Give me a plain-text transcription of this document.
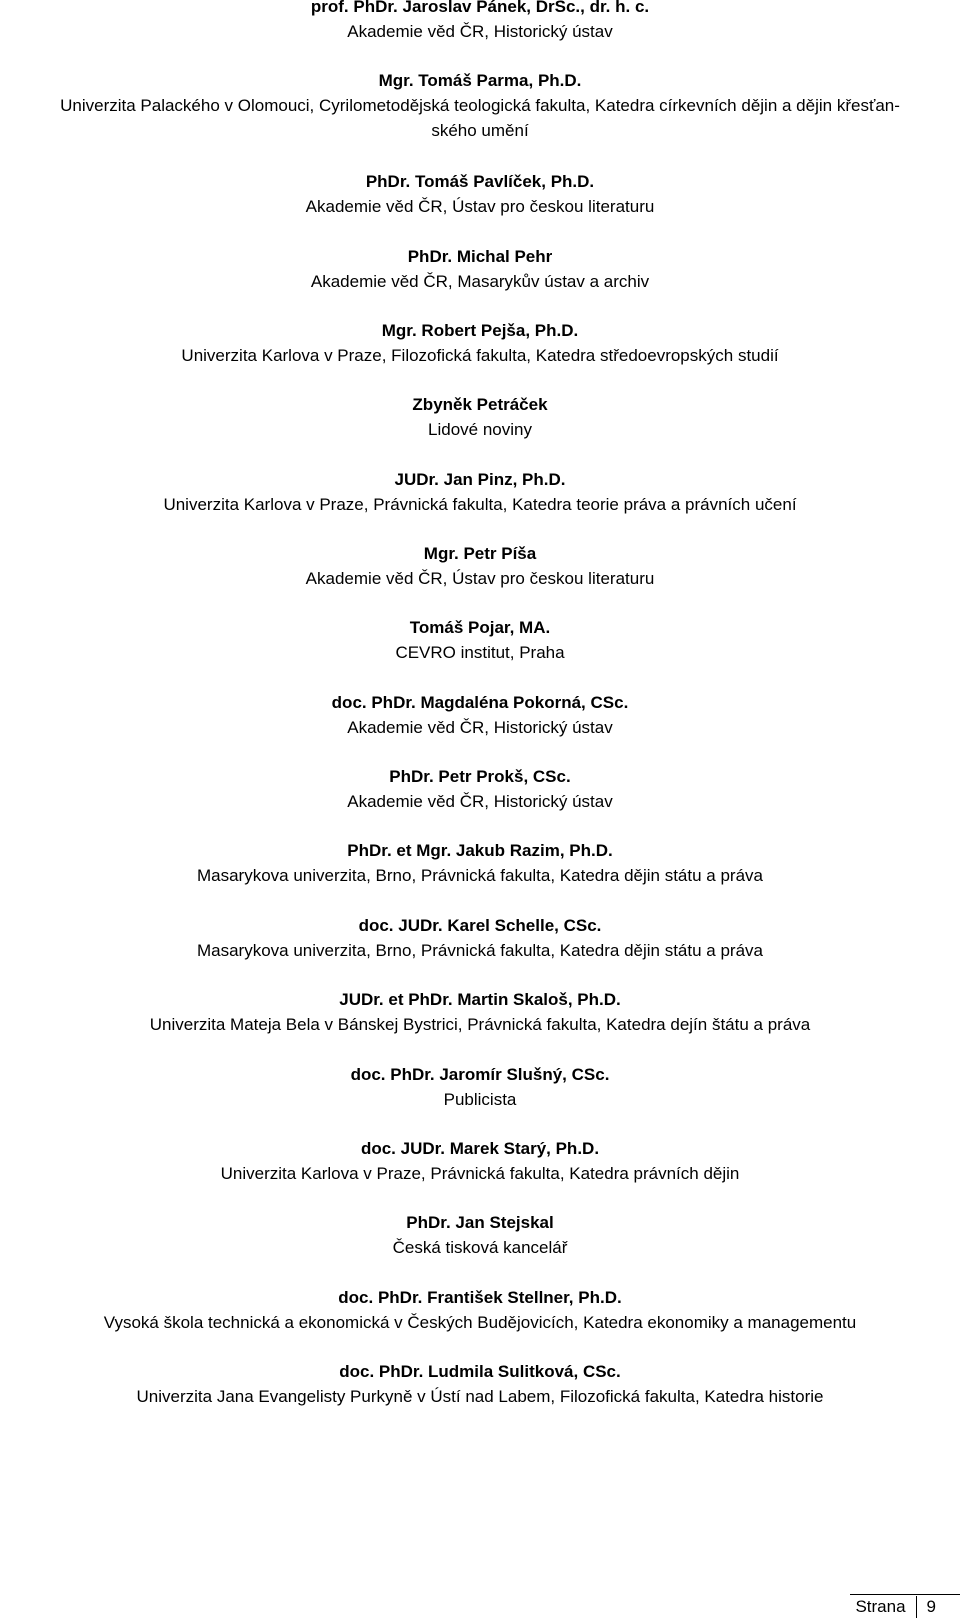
prof. PhDr. Jaroslav Pánek, DrSc., dr. h. c.
Akademie věd ČR, Historický ústav
Mgr. Tomáš Parma, Ph.D.
Univerzita Palackého v Olomouci, Cyrilometodějská teologická fakulta, Katedra církevních dějin a dějin křesťan-ského umění
PhDr. Tomáš Pavlíček, Ph.D.
Akademie věd ČR, Ústav pro českou literaturu
PhDr. Michal Pehr
Akademie věd ČR, Masarykův ústav a archiv
Mgr. Robert Pejša, Ph.D.
Univerzita Karlova v Praze, Filozofická fakulta, Katedra středoevropských studií
Zbyněk Petráček
Lidové noviny
JUDr. Jan Pinz, Ph.D.
Univerzita Karlova v Praze, Právnická fakulta, Katedra teorie práva a právních učení
Mgr. Petr Píša
Akademie věd ČR, Ústav pro českou literaturu
Tomáš Pojar, MA.
CEVRO institut, Praha
doc. PhDr. Magdaléna Pokorná, CSc.
Akademie věd ČR, Historický ústav
PhDr. Petr Prokš, CSc.
Akademie věd ČR, Historický ústav
PhDr. et Mgr. Jakub Razim, Ph.D.
Masarykova univerzita, Brno, Právnická fakulta, Katedra dějin státu a práva
doc. JUDr. Karel Schelle, CSc.
Masarykova univerzita, Brno, Právnická fakulta, Katedra dějin státu a práva
JUDr. et PhDr. Martin Skaloš, Ph.D.
Univerzita Mateja Bela v Bánskej Bystrici, Právnická fakulta, Katedra dejín štátu a práva
doc. PhDr. Jaromír Slušný, CSc.
Publicista
doc. JUDr. Marek Starý, Ph.D.
Univerzita Karlova v Praze, Právnická fakulta, Katedra právních dějin
PhDr. Jan Stejskal
Česká tisková kancelář
doc. PhDr. František Stellner, Ph.D.
Vysoká škola technická a ekonomická v Českých Budějovicích, Katedra ekonomiky a managementu
doc. PhDr. Ludmila Sulitková, CSc.
Univerzita Jana Evangelisty Purkyně v Ústí nad Labem, Filozofická fakulta, Katedra historie
Strana 9
